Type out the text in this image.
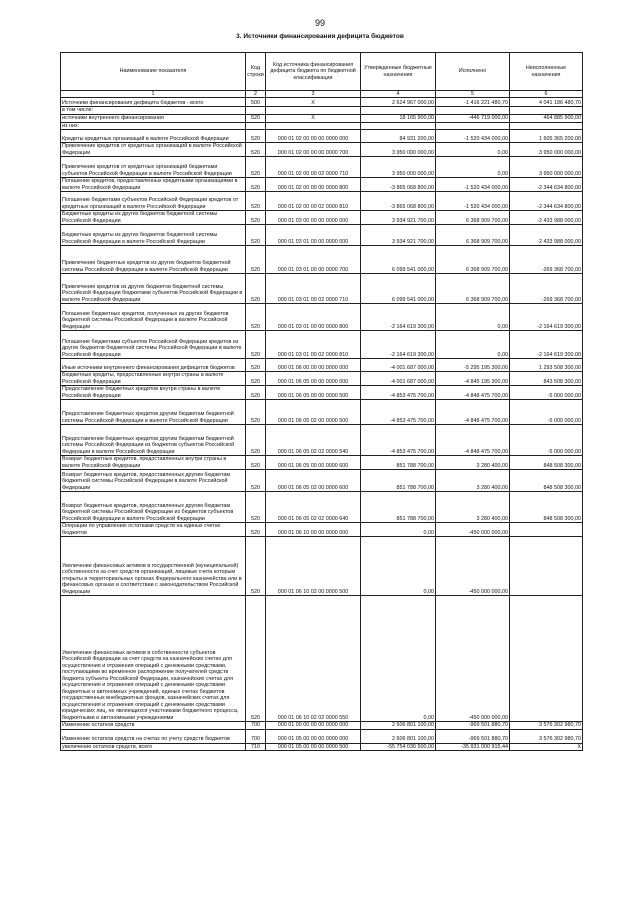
99
3. Источники финансирования дефицита бюджетов
Наименование показателя	Код строки	Код источника финансирования дефицита бюджета по бюджетной классификации	Утвержденные бюджетные назначения	Исполнено	Неисполненные назначения
1	2	3	4	5	6
Источники финансирования дефицита бюджетов - всего	500	X	2 624 967 000,00	-1 416 221 480,70	4 041 186 480,70
в том числе:					
источники внутреннего финансирования	520	X	18 165 900,00	-446 719 000,00	464 885 900,00
из них:					
Кредиты кредитных организаций в валюте Российской Федерации	520	000 01 02 00 00 00 0000 000	84 931 200,00	-1 520 434 000,00	1 605 365 200,00
Привлечение кредитов от кредитных организаций в валюте Российской Федерации	520	000 01 02 00 00 00 0000 700	3 950 000 000,00	0,00	3 950 000 000,00
Привлечение кредитов от кредитных организаций бюджетами субъектов Российской Федерации в валюте Российской Федерации	520	000 01 02 00 00 02 0000 710	3 950 000 000,00	0,00	3 950 000 000,00
Погашение кредитов, предоставленных кредитными организациями в валюте Российской Федерации	520	000 01 02 00 00 00 0000 800	-3 865 068 800,00	-1 520 434 000,00	-2 344 634 800,00
Погашение бюджетами субъектов Российской Федерации кредитов от кредитных организаций в валюте Российской Федерации	520	000 01 02 00 00 02 0000 810	-3 865 068 800,00	-1 520 434 000,00	-2 344 634 800,00
Бюджетные кредиты из других бюджетов бюджетной системы Российской Федерации	520	000 01 03 00 00 00 0000 000	3 934 921 700,00	6 368 909 700,00	-2 433 988 000,00
Бюджетные кредиты из других бюджетов бюджетной системы Российской Федерации в валюте Российской Федерации	520	000 01 03 01 00 00 0000 000	3 934 921 700,00	6 368 909 700,00	-2 433 988 000,00
Привлечение бюджетных кредитов из других бюджетов бюджетной системы Российской Федерации в валюте Российской Федерации	520	000 01 03 01 00 00 0000 700	6 099 541 000,00	6 368 909 700,00	-269 368 700,00
Привлечение кредитов из других бюджетов бюджетной системы Российской Федерации бюджетами субъектов Российской Федерации в валюте Российской Федерации	520	000 01 03 01 00 02 0000 710	6 099 541 000,00	6 368 909 700,00	-269 368 700,00
Погашение бюджетных кредитов, полученных из других бюджетов бюджетной системы Российской Федерации в валюте Российской Федерации	520	000 01 03 01 00 00 0000 800	-2 164 619 300,00	0,00	-2 164 619 300,00
Погашение бюджетами субъектов Российской Федерации кредитов из других бюджетов бюджетной системы Российской Федерации в валюте Российской Федерации	520	000 01 03 01 00 02 0000 810	-2 164 619 300,00	0,00	-2 164 619 300,00
Иные источники внутреннего финансирования дефицитов бюджетов	520	000 01 06 00 00 00 0000 000	-4 001 687 000,00	-5 295 195 300,00	1 293 508 300,00
Бюджетные кредиты, предоставленные внутри страны в валюте Российской Федерации	520	000 01 06 05 00 00 0000 000	-4 001 687 000,00	-4 845 195 300,00	843 508 300,00
Предоставление бюджетных кредитов внутри страны в валюте Российской Федерации	520	000 01 06 05 00 00 0000 500	-4 853 475 700,00	-4 848 475 700,00	-5 000 000,00
Предоставление бюджетных кредитов другим бюджетам бюджетной системы Российской Федерации в валюте Российской Федерации	520	000 01 06 05 02 00 0000 500	-4 853 475 700,00	-4 848 475 700,00	-5 000 000,00
Предоставление бюджетных кредитов другим бюджетам бюджетной системы Российской Федерации из бюджетов субъектов Российской Федерации в валюте Российской Федерации	520	000 01 06 05 02 02 0000 540	-4 853 475 700,00	-4 848 475 700,00	-5 000 000,00
Возврат бюджетных кредитов, предоставленных внутри страны в валюте Российской Федерации	520	000 01 06 05 00 00 0000 600	851 788 700,00	3 280 400,00	848 508 300,00
Возврат бюджетных кредитов, предоставленных другим бюджетам бюджетной системы Российской Федерации в валюте Российской Федерации	520	000 01 06 05 02 00 0000 600	851 788 700,00	3 280 400,00	848 508 300,00
Возврат бюджетных кредитов, предоставленных другим бюджетам бюджетной системы Российской Федерации из бюджетов субъектов Российской Федерации в валюте Российской Федерации	520	000 01 06 05 02 02 0000 640	851 788 700,00	3 280 400,00	848 508 300,00
Операции по управлению остатками средств на единых счетах бюджетов	520	000 01 06 10 00 00 0000 000	0,00	-450 000 000,00	
Увеличение финансовых активов в государственной (муниципальной) собственности за счет средств организаций, лицевые счета которым открыты в территориальных органах Федерального казначейства или в финансовых органах в соответствии с законодательством Российской Федерации	520	000 01 06 10 02 00 0000 500	0,00	-450 000 000,00	
Увеличение финансовых активов в собственности субъектов Российской Федерации за счет средств на казначейских счетах для осуществления и отражения операций с денежными средствами, поступающими во временное распоряжение получателей средств бюджета субъекта Российской Федерации, казначейских счетах для осуществления и отражения операций с денежными средствами бюджетных и автономных учреждений, единых счетах бюджетов государственных внебюджетных фондов, казначейских счетах для осуществления и отражения операций с денежными средствами юридических лиц, не являющихся участниками бюджетного процесса, бюджетными и автономными учреждениями	520	000 01 06 10 02 02 0000 550	0,00	-450 000 000,00	
Изменение остатков средств	700	000 01 00 00 00 00 0000 000	2 606 801 100,00	-969 501 880,70	3 576 302 980,70
Изменение остатков средств на счетах по учету средств бюджетов	700	000 01 05 00 00 00 0000 000	2 606 801 100,00	-969 501 880,70	3 576 302 980,70
увеличение остатков средств, всего	710	000 01 05 00 00 00 0000 500	-55 754 036 500,00	-35 931 000 915,44	X
